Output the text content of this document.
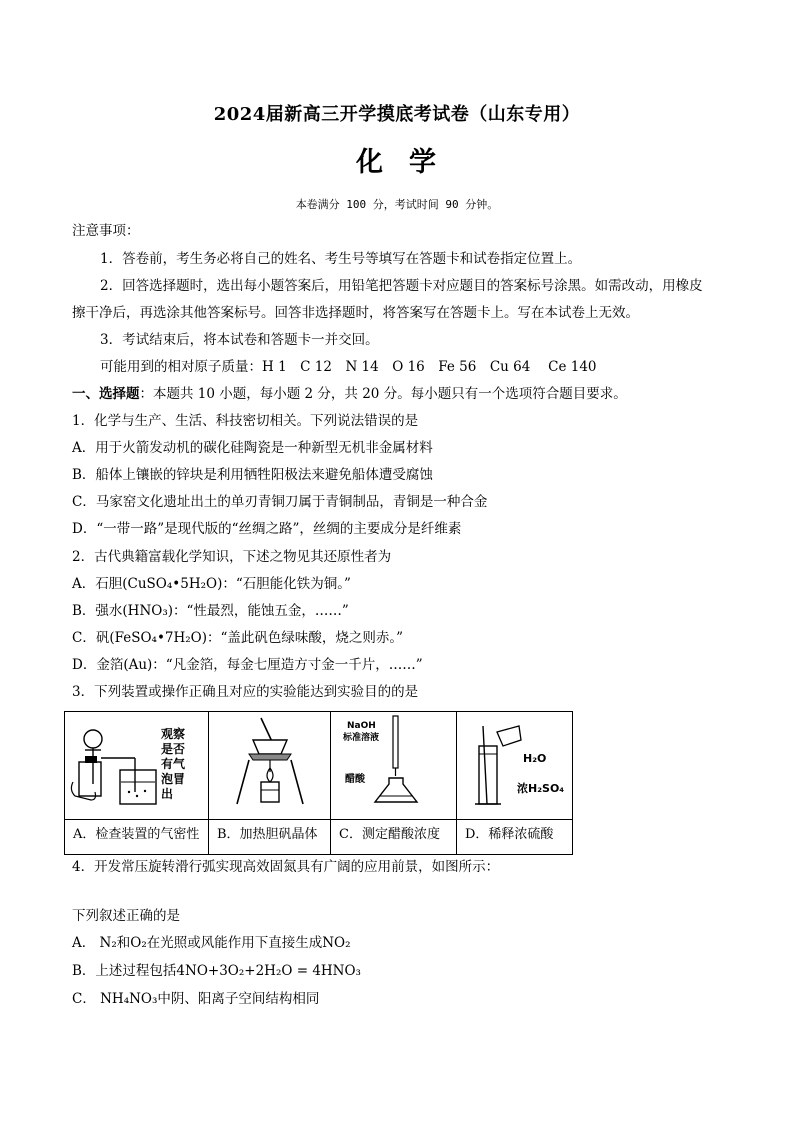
2024届新高三开学摸底考试卷（山东专用）
化学
本卷满分 100 分，考试时间 90 分钟。
注意事项：
1．答卷前，考生务必将自己的姓名、考生号等填写在答题卡和试卷指定位置上。
2．回答选择题时，选出每小题答案后，用铅笔把答题卡对应题目的答案标号涂黑。如需改动，用橡皮
擦干净后，再选涂其他答案标号。回答非选择题时，将答案写在答题卡上。写在本试卷上无效。
3．考试结束后，将本试卷和答题卡一并交回。
可能用到的相对原子质量：H 1　C 12　N 14　O 16　Fe 56　Cu 64　 Ce 140
一、选择题：本题共 10 小题，每小题 2 分，共 20 分。每小题只有一个选项符合题目要求。
1．化学与生产、生活、科技密切相关。下列说法错误的是
A．用于火箭发动机的碳化硅陶瓷是一种新型无机非金属材料
B．船体上镶嵌的锌块是利用牺牲阳极法来避免船体遭受腐蚀
C．马家窑文化遗址出土的单刃青铜刀属于青铜制品，青铜是一种合金
D．“一带一路”是现代版的“丝绸之路”，丝绸的主要成分是纤维素
2．古代典籍富载化学知识，下述之物见其还原性者为
A．石胆(CuSO₄•5H₂O)：“石胆能化铁为铜。”
B．强水(HNO₃)：“性最烈，能蚀五金，……”
C．矾(FeSO₄•7H₂O)：“盖此矾色绿味酸，烧之则赤。”
D．金箔(Au)：“凡金箔，每金七厘造方寸金一千片，……”
3．下列装置或操作正确且对应的实验能达到实验目的的是
观察
是否
有气
泡冒
出
A．检查装置的气密性	B．加热胆矾晶体
NaOH
标准溶液
醋酸
C．测定醋酸浓度
H₂O
浓H₂SO₄
D．稀释浓硫酸
4．开发常压旋转滑行弧实现高效固氮具有广阔的应用前景，如图所示：
下列叙述正确的是
A． N₂和O₂在光照或风能作用下直接生成NO₂
B．上述过程包括4NO+3O₂+2H₂O = 4HNO₃
C． NH₄NO₃中阴、阳离子空间结构相同
